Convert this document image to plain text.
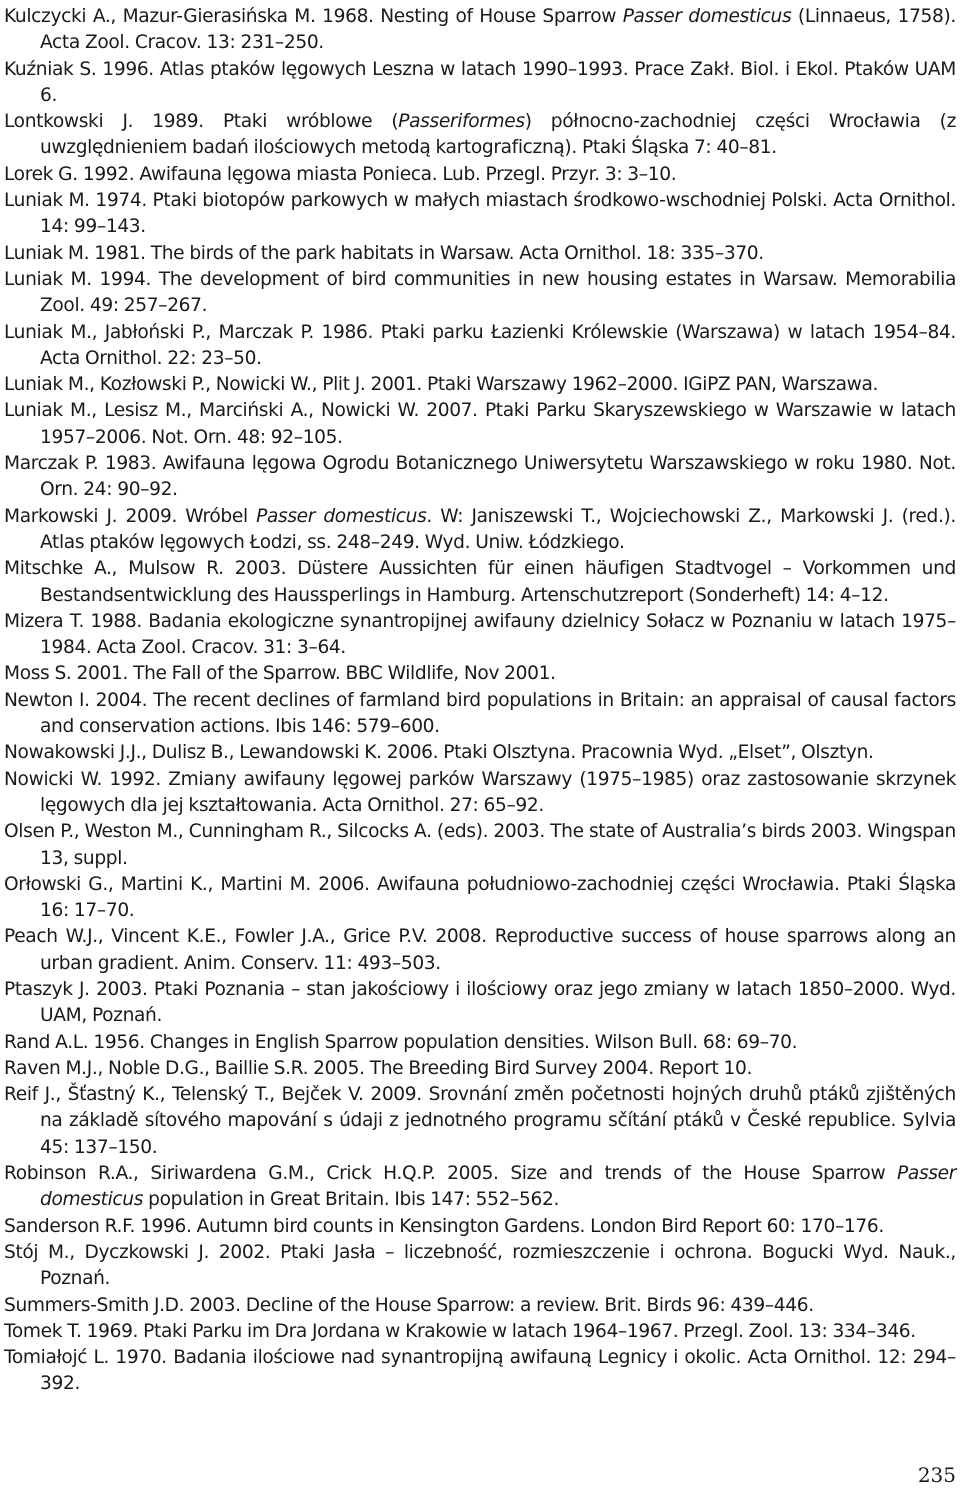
Kulczycki A., Mazur-Gierasińska M. 1968. Nesting of House Sparrow Passer domesticus (Linnaeus, 1758). Acta Zool. Cracov. 13: 231–250.
Kuźniak S. 1996. Atlas ptaków lęgowych Leszna w latach 1990–1993. Prace Zakł. Biol. i Ekol. Ptaków UAM 6.
Lontkowski J. 1989. Ptaki wróblowe (Passeriformes) północno-zachodniej części Wrocławia (z uwzględnieniem badań ilościowych metodą kartograficzną). Ptaki Śląska 7: 40–81.
Lorek G. 1992. Awifauna lęgowa miasta Ponieca. Lub. Przegl. Przyr. 3: 3–10.
Luniak M. 1974. Ptaki biotopów parkowych w małych miastach środkowo-wschodniej Polski. Acta Ornithol. 14: 99–143.
Luniak M. 1981. The birds of the park habitats in Warsaw. Acta Ornithol. 18: 335–370.
Luniak M. 1994. The development of bird communities in new housing estates in Warsaw. Memorabilia Zool. 49: 257–267.
Luniak M., Jabłoński P., Marczak P. 1986. Ptaki parku Łazienki Królewskie (Warszawa) w latach 1954–84. Acta Ornithol. 22: 23–50.
Luniak M., Kozłowski P., Nowicki W., Plit J. 2001. Ptaki Warszawy 1962–2000. IGiPZ PAN, Warszawa.
Luniak M., Lesisz M., Marciński A., Nowicki W. 2007. Ptaki Parku Skaryszewskiego w Warszawie w latach 1957–2006. Not. Orn. 48: 92–105.
Marczak P. 1983. Awifauna lęgowa Ogrodu Botanicznego Uniwersytetu Warszawskiego w roku 1980. Not. Orn. 24: 90–92.
Markowski J. 2009. Wróbel Passer domesticus. W: Janiszewski T., Wojciechowski Z., Markowski J. (red.). Atlas ptaków lęgowych Łodzi, ss. 248–249. Wyd. Uniw. Łódzkiego.
Mitschke A., Mulsow R. 2003. Düstere Aussichten für einen häufigen Stadtvogel – Vorkommen und Bestandsentwicklung des Haussperlings in Hamburg. Artenschutzreport (Sonderheft) 14: 4–12.
Mizera T. 1988. Badania ekologiczne synantropijnej awifauny dzielnicy Sołacz w Poznaniu w latach 1975–1984. Acta Zool. Cracov. 31: 3–64.
Moss S. 2001. The Fall of the Sparrow. BBC Wildlife, Nov 2001.
Newton I. 2004. The recent declines of farmland bird populations in Britain: an appraisal of causal factors and conservation actions. Ibis 146: 579–600.
Nowakowski J.J., Dulisz B., Lewandowski K. 2006. Ptaki Olsztyna. Pracownia Wyd. „Elset”, Olsztyn.
Nowicki W. 1992. Zmiany awifauny lęgowej parków Warszawy (1975–1985) oraz zastosowanie skrzynek lęgowych dla jej kształtowania. Acta Ornithol. 27: 65–92.
Olsen P., Weston M., Cunningham R., Silcocks A. (eds). 2003. The state of Australia’s birds 2003. Wingspan 13, suppl.
Orłowski G., Martini K., Martini M. 2006. Awifauna południowo-zachodniej części Wrocławia. Ptaki Śląska 16: 17–70.
Peach W.J., Vincent K.E., Fowler J.A., Grice P.V. 2008. Reproductive success of house sparrows along an urban gradient. Anim. Conserv. 11: 493–503.
Ptaszyk J. 2003. Ptaki Poznania – stan jakościowy i ilościowy oraz jego zmiany w latach 1850–2000. Wyd. UAM, Poznań.
Rand A.L. 1956. Changes in English Sparrow population densities. Wilson Bull. 68: 69–70.
Raven M.J., Noble D.G., Baillie S.R. 2005. The Breeding Bird Survey 2004. Report 10.
Reif J., Šťastný K., Telenský T., Bejček V. 2009. Srovnání změn početnosti hojných druhů ptáků zjištěných na základě sítového mapování s údaji z jednotného programu sčítání ptáků v České republice. Sylvia 45: 137–150.
Robinson R.A., Siriwardena G.M., Crick H.Q.P. 2005. Size and trends of the House Sparrow Passer domesticus population in Great Britain. Ibis 147: 552–562.
Sanderson R.F. 1996. Autumn bird counts in Kensington Gardens. London Bird Report 60: 170–176.
Stój M., Dyczkowski J. 2002. Ptaki Jasła – liczebność, rozmieszczenie i ochrona. Bogucki Wyd. Nauk., Poznań.
Summers-Smith J.D. 2003. Decline of the House Sparrow: a review. Brit. Birds 96: 439–446.
Tomek T. 1969. Ptaki Parku im Dra Jordana w Krakowie w latach 1964–1967. Przegl. Zool. 13: 334–346.
Tomiałojć L. 1970. Badania ilościowe nad synantropijną awifauną Legnicy i okolic. Acta Ornithol. 12: 294–392.
235
